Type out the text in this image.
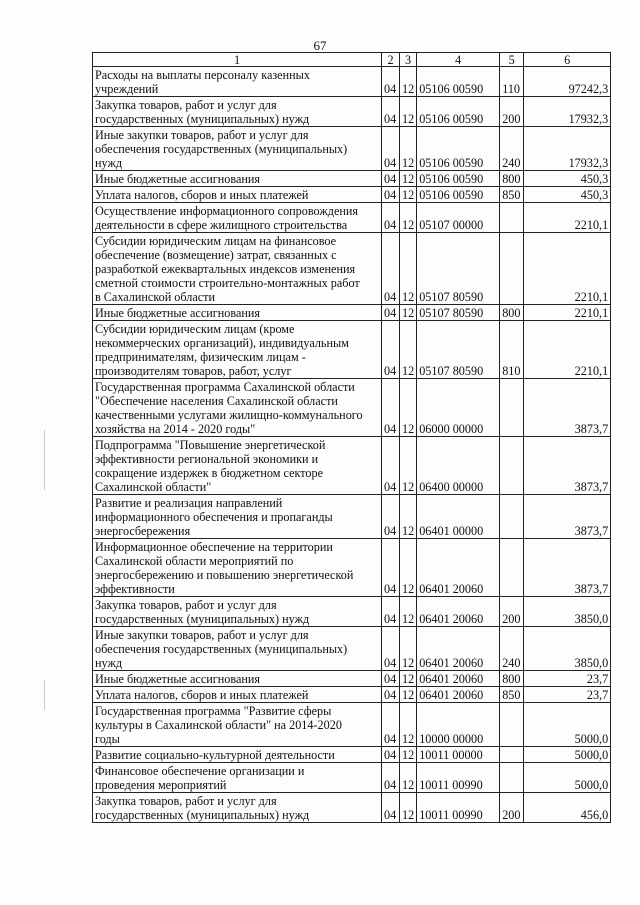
67
1	2	3	4	5	6
Расходы на выплаты персоналу казенных
учреждений	04	12	05106 00590	110	97242,3
Закупка товаров, работ и услуг для
государственных (муниципальных) нужд	04	12	05106 00590	200	17932,3
Иные закупки товаров, работ и услуг для
обеспечения государственных (муниципальных)
нужд	04	12	05106 00590	240	17932,3
Иные бюджетные ассигнования	04	12	05106 00590	800	450,3
Уплата налогов, сборов и иных платежей	04	12	05106 00590	850	450,3
Осуществление информационного сопровождения
деятельности в сфере жилищного строительства	04	12	05107 00000		2210,1
Субсидии юридическим лицам на финансовое
обеспечение (возмещение) затрат, связанных с
разработкой ежеквартальных индексов изменения
сметной стоимости строительно-монтажных работ
в Сахалинской области	04	12	05107 80590		2210,1
Иные бюджетные ассигнования	04	12	05107 80590	800	2210,1
Субсидии юридическим лицам (кроме
некоммерческих организаций), индивидуальным
предпринимателям, физическим лицам -
производителям товаров, работ, услуг	04	12	05107 80590	810	2210,1
Государственная программа Сахалинской области
"Обеспечение населения Сахалинской области
качественными услугами жилищно-коммунального
хозяйства на 2014 - 2020 годы"	04	12	06000 00000		3873,7
Подпрограмма "Повышение энергетической
эффективности региональной экономики и
сокращение издержек в бюджетном секторе
Сахалинской области"	04	12	06400 00000		3873,7
Развитие и реализация направлений
информационного обеспечения и пропаганды
энергосбережения	04	12	06401 00000		3873,7
Информационное обеспечение на территории
Сахалинской области мероприятий по
энергосбережению и повышению энергетической
эффективности	04	12	06401 20060		3873,7
Закупка товаров, работ и услуг для
государственных (муниципальных) нужд	04	12	06401 20060	200	3850,0
Иные закупки товаров, работ и услуг для
обеспечения государственных (муниципальных)
нужд	04	12	06401 20060	240	3850,0
Иные бюджетные ассигнования	04	12	06401 20060	800	23,7
Уплата налогов, сборов и иных платежей	04	12	06401 20060	850	23,7
Государственная программа "Развитие сферы
культуры в Сахалинской области" на 2014-2020
годы	04	12	10000 00000		5000,0
Развитие социально-культурной деятельности	04	12	10011 00000		5000,0
Финансовое обеспечение организации и
проведения мероприятий	04	12	10011 00990		5000,0
Закупка товаров, работ и услуг для
государственных (муниципальных) нужд	04	12	10011 00990	200	456,0
